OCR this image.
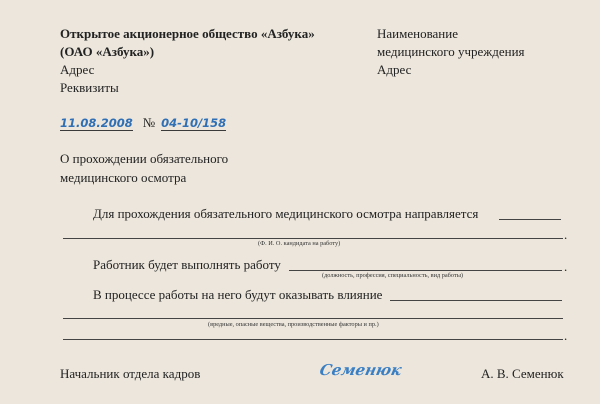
Открытое акционерное общество «Азбука»
(ОАО «Азбука»)
Адрес
Реквизиты
Наименование
медицинского учреждения
Адрес
11.08.2008 № 04-10/158
О прохождении обязательного
медицинского осмотра
Для прохождения обязательного медицинского осмотра направляется
.
(Ф. И. О. кандидата на работу)
Работник будет выполнять работу	.
(должность, профессия, специальность, вид работы)
В процессе работы на него будут оказывать влияние
(вредные, опасные вещества, производственные факторы и пр.)
.
Начальник отдела кадров	Семенюк	А. В. Семенюк
